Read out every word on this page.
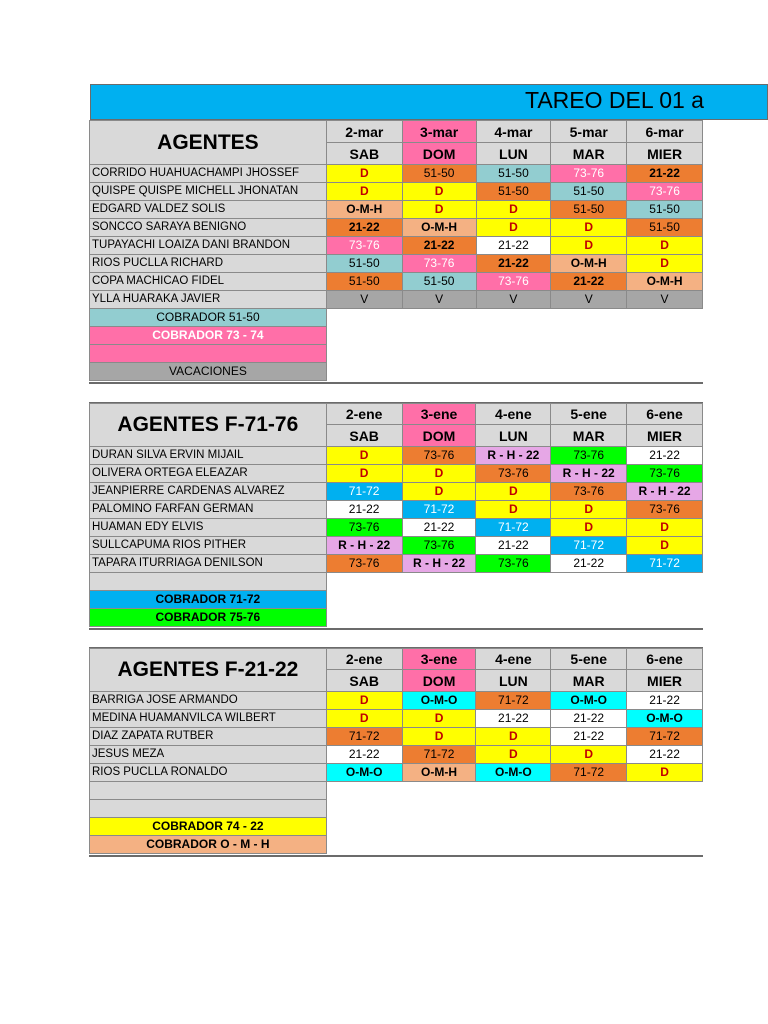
TAREO DEL 01 a
AGENTES	2-mar	3-mar	4-mar	5-mar	6-mar
	SAB	DOM	LUN	MAR	MIER
CORRIDO HUAHUACHAMPI JHOSSEF	D	51-50	51-50	73-76	21-22
QUISPE QUISPE MICHELL JHONATAN	D	D	51-50	51-50	73-76
EDGARD VALDEZ SOLIS	O-M-H	D	D	51-50	51-50
SONCCO SARAYA BENIGNO	21-22	O-M-H	D	D	51-50
TUPAYACHI LOAIZA DANI BRANDON	73-76	21-22	21-22	D	D
RIOS PUCLLA RICHARD	51-50	73-76	21-22	O-M-H	D
COPA MACHICAO FIDEL	51-50	51-50	73-76	21-22	O-M-H
YLLA HUARAKA JAVIER	V	V	V	V	V
COBRADOR 51-50					
COBRADOR 73 - 74					

VACACIONES					
AGENTES F-71-76	2-ene	3-ene	4-ene	5-ene	6-ene
	SAB	DOM	LUN	MAR	MIER
DURAN SILVA ERVIN MIJAIL	D	73-76	R - H - 22	73-76	21-22
OLIVERA ORTEGA ELEAZAR	D	D	73-76	R - H - 22	73-76
JEANPIERRE CARDENAS ALVAREZ	71-72	D	D	73-76	R - H - 22
PALOMINO FARFAN GERMAN	21-22	71-72	D	D	73-76
HUAMAN EDY ELVIS	73-76	21-22	71-72	D	D
SULLCAPUMA RIOS PITHER	R - H - 22	73-76	21-22	71-72	D
TAPARA ITURRIAGA DENILSON	73-76	R - H - 22	73-76	21-22	71-72

COBRADOR 71-72					
COBRADOR 75-76					
AGENTES F-21-22	2-ene	3-ene	4-ene	5-ene	6-ene
	SAB	DOM	LUN	MAR	MIER
BARRIGA JOSE ARMANDO	D	O-M-O	71-72	O-M-O	21-22
MEDINA HUAMANVILCA WILBERT	D	D	21-22	21-22	O-M-O
DIAZ ZAPATA RUTBER	71-72	D	D	21-22	71-72
JESUS MEZA	21-22	71-72	D	D	21-22
RIOS PUCLLA RONALDO	O-M-O	O-M-H	O-M-O	71-72	D

COBRADOR 74 - 22					
COBRADOR O - M - H					
